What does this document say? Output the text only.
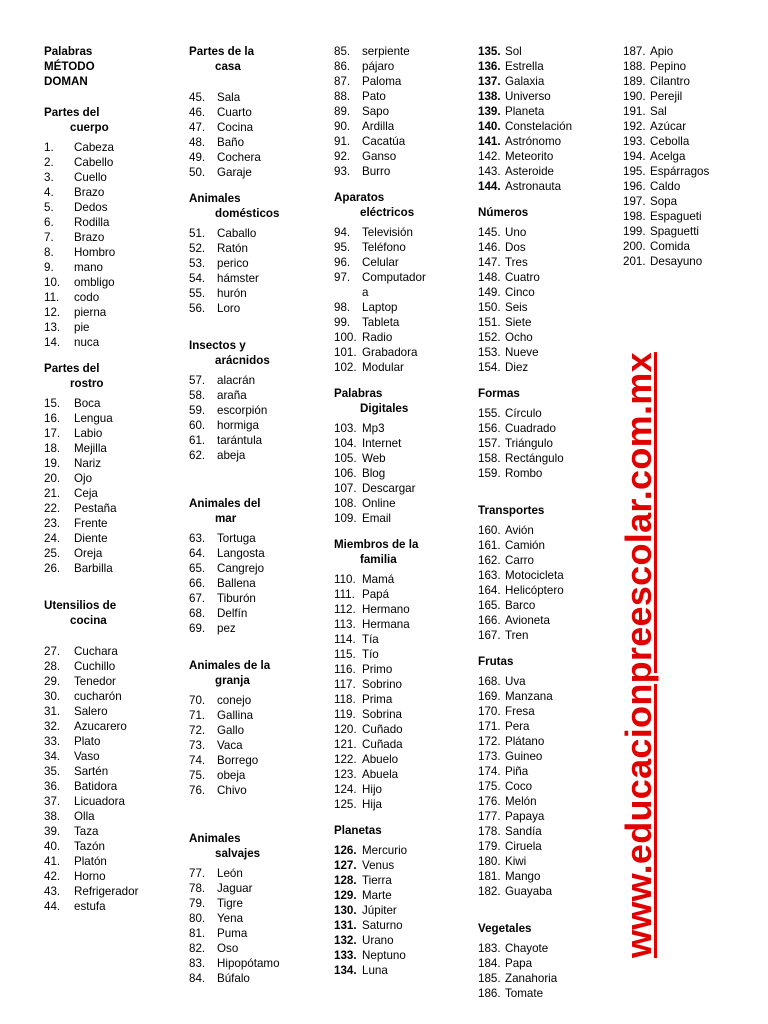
Palabras
MÉTODO
DOMAN
Partes del
cuerpo
1. Cabeza
2. Cabello
3. Cuello
4. Brazo
5. Dedos
6. Rodilla
7. Brazo
8. Hombro
9. mano
10. ombligo
11. codo
12. pierna
13. pie
14. nuca
Partes del
rostro
15. Boca
16. Lengua
17. Labio
18. Mejilla
19. Nariz
20. Ojo
21. Ceja
22. Pestaña
23. Frente
24. Diente
25. Oreja
26. Barbilla
Utensilios de
cocina
27. Cuchara
28. Cuchillo
29. Tenedor
30. cucharón
31. Salero
32. Azucarero
33. Plato
34. Vaso
35. Sartén
36. Batidora
37. Licuadora
38. Olla
39. Taza
40. Tazón
41. Platón
42. Horno
43. Refrigerador
44. estufa
Partes de la
casa
45. Sala
46. Cuarto
47. Cocina
48. Baño
49. Cochera
50. Garaje
Animales
domésticos
51. Caballo
52. Ratón
53. perico
54. hámster
55. hurón
56. Loro
Insectos y
arácnidos
57. alacrán
58. araña
59. escorpión
60. hormiga
61. tarántula
62. abeja
Animales del
mar
63. Tortuga
64. Langosta
65. Cangrejo
66. Ballena
67. Tiburón
68. Delfín
69. pez
Animales de la
granja
70. conejo
71. Gallina
72. Gallo
73. Vaca
74. Borrego
75. obeja
76. Chivo
Animales
salvajes
77. León
78. Jaguar
79. Tigre
80. Yena
81. Puma
82. Oso
83. Hipopótamo
84. Búfalo
85. serpiente
86. pájaro
87. Paloma
88. Pato
89. Sapo
90. Ardilla
91. Cacatúa
92. Ganso
93. Burro
Aparatos
eléctricos
94. Televisión
95. Teléfono
96. Celular
97. Computador a
98. Laptop
99. Tableta
100. Radio
101. Grabadora
102. Modular
Palabras
Digitales
103. Mp3
104. Internet
105. Web
106. Blog
107. Descargar
108. Online
109. Email
Miembros de la
familia
110. Mamá
111. Papá
112. Hermano
113. Hermana
114. Tía
115. Tío
116. Primo
117. Sobrino
118. Prima
119. Sobrina
120. Cuñado
121. Cuñada
122. Abuelo
123. Abuela
124. Hijo
125. Hija
Planetas
126. Mercurio
127. Venus
128. Tierra
129. Marte
130. Júpiter
131. Saturno
132. Urano
133. Neptuno
134. Luna
135. Sol
136. Estrella
137. Galaxia
138. Universo
139. Planeta
140. Constelación
141. Astrónomo
142. Meteorito
143. Asteroide
144. Astronauta
Números
145. Uno
146. Dos
147. Tres
148. Cuatro
149. Cinco
150. Seis
151. Siete
152. Ocho
153. Nueve
154. Diez
Formas
155. Círculo
156. Cuadrado
157. Triángulo
158. Rectángulo
159. Rombo
Transportes
160. Avión
161. Camión
162. Carro
163. Motocicleta
164. Helicóptero
165. Barco
166. Avioneta
167. Tren
Frutas
168. Uva
169. Manzana
170. Fresa
171. Pera
172. Plátano
173. Guineo
174. Piña
175. Coco
176. Melón
177. Papaya
178. Sandía
179. Ciruela
180. Kiwi
181. Mango
182. Guayaba
Vegetales
183. Chayote
184. Papa
185. Zanahoria
186. Tomate
187. Apio
188. Pepino
189. Cilantro
190. Perejil
191. Sal
192. Azúcar
193. Cebolla
194. Acelga
195. Espárragos
196. Caldo
197. Sopa
198. Espagueti
199. Spaguetti
200. Comida
201. Desayuno
www.educacionpreescolar.com.mx
